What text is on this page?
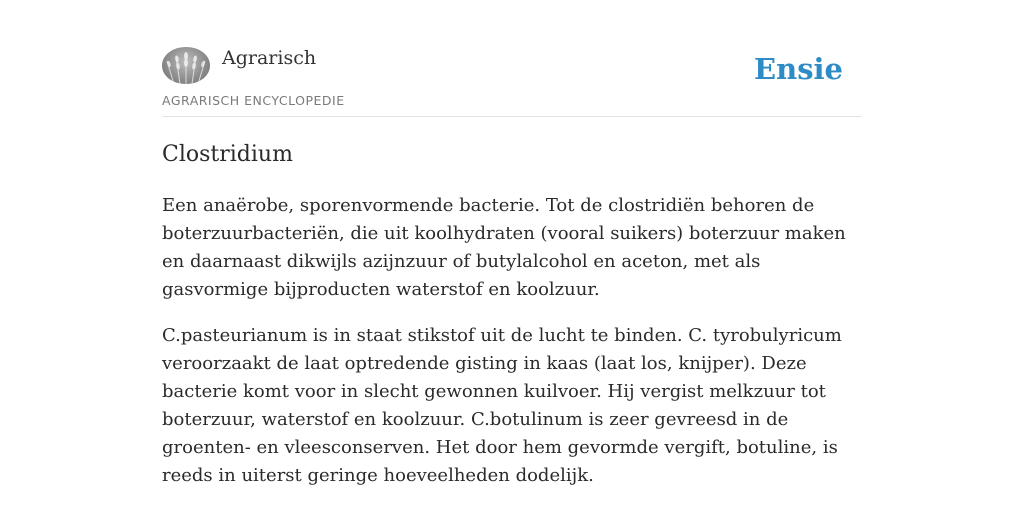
Agrarisch
AGRARISCH ENCYCLOPEDIE
Ensie
Clostridium

Een anaërobe, sporenvormende bacterie. Tot de clostridiën behoren de boterzuurbacteriën, die uit koolhydraten (vooral suikers) boterzuur maken en daarnaast dikwijls azijnzuur of butylalcohol en aceton, met als gasvormige bijproducten waterstof en koolzuur.

C.pasteurianum is in staat stikstof uit de lucht te binden. C. tyrobulyricum veroorzaakt de laat optredende gisting in kaas (laat los, knijper). Deze bacterie komt voor in slecht gewonnen kuilvoer. Hij vergist melkzuur tot boterzuur, waterstof en koolzuur. C.botulinum is zeer gevreesd in de groenten- en vleesconserven. Het door hem gevormde vergift, botuline, is reeds in uiterst geringe hoeveelheden dodelijk.
